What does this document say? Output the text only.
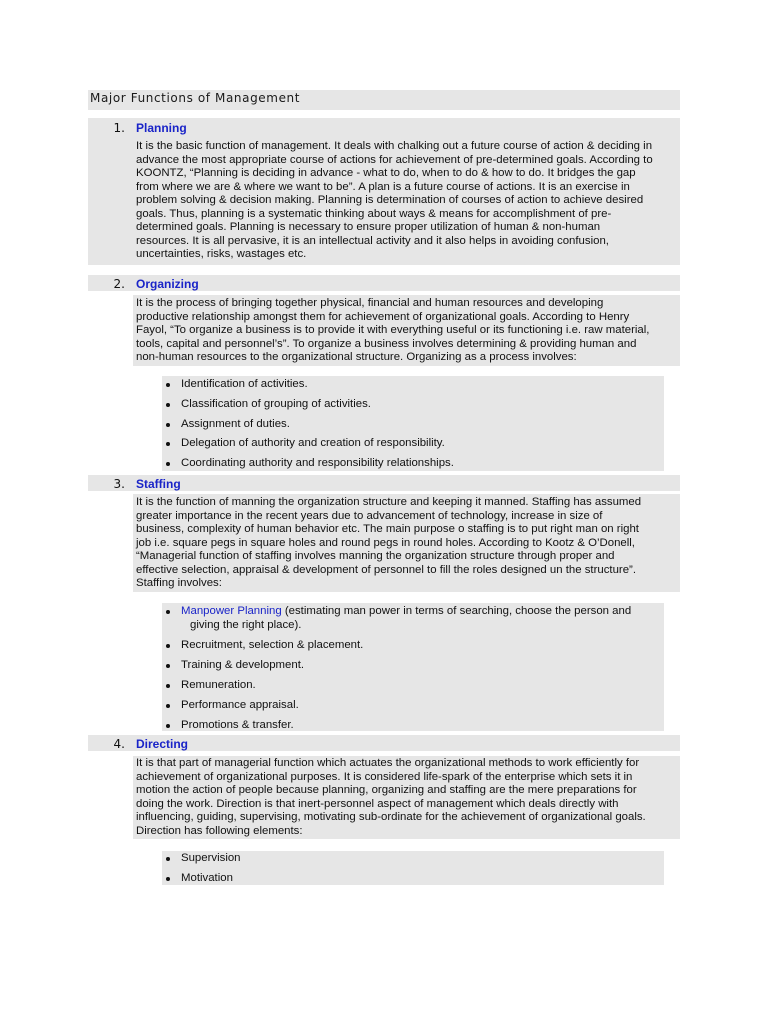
Major Functions of Management
1. Planning

It is the basic function of management. It deals with chalking out a future course of action & deciding in
advance the most appropriate course of actions for achievement of pre-determined goals. According to
KOONTZ, “Planning is deciding in advance - what to do, when to do & how to do. It bridges the gap
from where we are & where we want to be”. A plan is a future course of actions. It is an exercise in
problem solving & decision making. Planning is determination of courses of action to achieve desired
goals. Thus, planning is a systematic thinking about ways & means for accomplishment of pre-
determined goals. Planning is necessary to ensure proper utilization of human & non-human
resources. It is all pervasive, it is an intellectual activity and it also helps in avoiding confusion,
uncertainties, risks, wastages etc.

2. Organizing

It is the process of bringing together physical, financial and human resources and developing
productive relationship amongst them for achievement of organizational goals. According to Henry
Fayol, “To organize a business is to provide it with everything useful or its functioning i.e. raw material,
tools, capital and personnel’s”. To organize a business involves determining & providing human and
non-human resources to the organizational structure. Organizing as a process involves:

Identification of activities.
Classification of grouping of activities.
Assignment of duties.
Delegation of authority and creation of responsibility.
Coordinating authority and responsibility relationships.
3. Staffing

It is the function of manning the organization structure and keeping it manned. Staffing has assumed
greater importance in the recent years due to advancement of technology, increase in size of
business, complexity of human behavior etc. The main purpose o staffing is to put right man on right
job i.e. square pegs in square holes and round pegs in round holes. According to Kootz & O’Donell,
“Managerial function of staffing involves manning the organization structure through proper and
effective selection, appraisal & development of personnel to fill the roles designed un the structure”.
Staffing involves:

Manpower Planning (estimating man power in terms of searching, choose the person and
giving the right place).
Recruitment, selection & placement.
Training & development.
Remuneration.
Performance appraisal.
Promotions & transfer.
4. Directing

It is that part of managerial function which actuates the organizational methods to work efficiently for
achievement of organizational purposes. It is considered life-spark of the enterprise which sets it in
motion the action of people because planning, organizing and staffing are the mere preparations for
doing the work. Direction is that inert-personnel aspect of management which deals directly with
influencing, guiding, supervising, motivating sub-ordinate for the achievement of organizational goals.
Direction has following elements:

Supervision
Motivation
